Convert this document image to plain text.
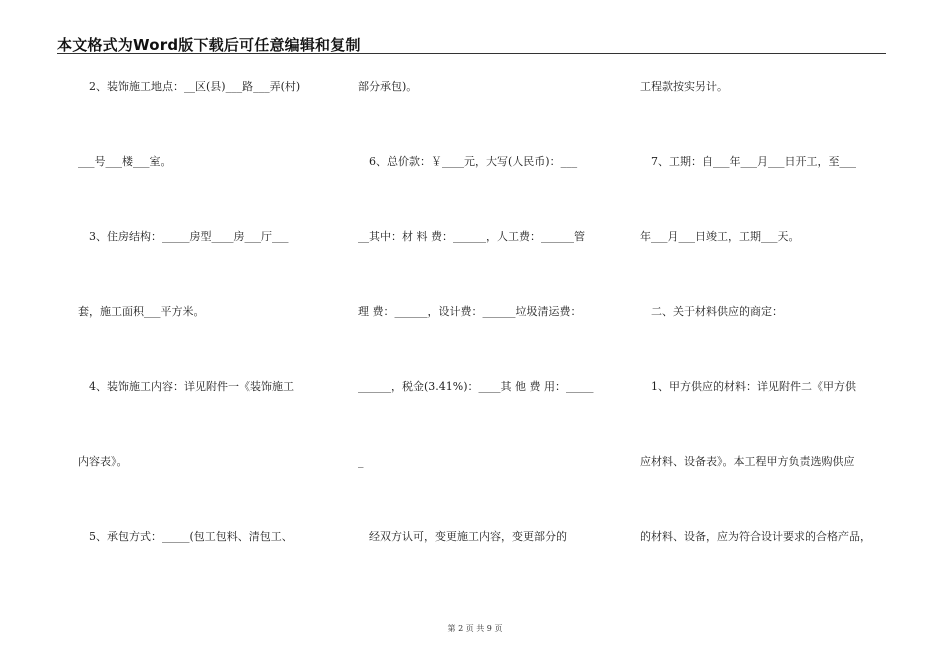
本文格式为Word版下载后可任意编辑和复制
　2、装饰施工地点：__区(县)___路___弄(村)
___号___楼___室。
　3、住房结构：_____房型____房___厅___
套，施工面积___平方米。
　4、装饰施工内容：详见附件一《装饰施工
内容表》。
　5、承包方式：_____(包工包料、清包工、
部分承包)。
　6、总价款：￥____元，大写(人民币)：___
__其中：材 料 费：______，人工费：______管
理 费：______，设计费：______垃圾清运费：
______，税金(3.41%)：____其 他 费 用：_____
_
　经双方认可，变更施工内容，变更部分的
工程款按实另计。
　7、工期：自___年___月___日开工，至___
年___月___日竣工，工期___天。
　二、关于材料供应的商定：
　1、甲方供应的材料：详见附件二《甲方供
应材料、设备表》。本工程甲方负责选购供应
的材料、设备，应为符合设计要求的合格产品，
第 2 页 共 9 页
